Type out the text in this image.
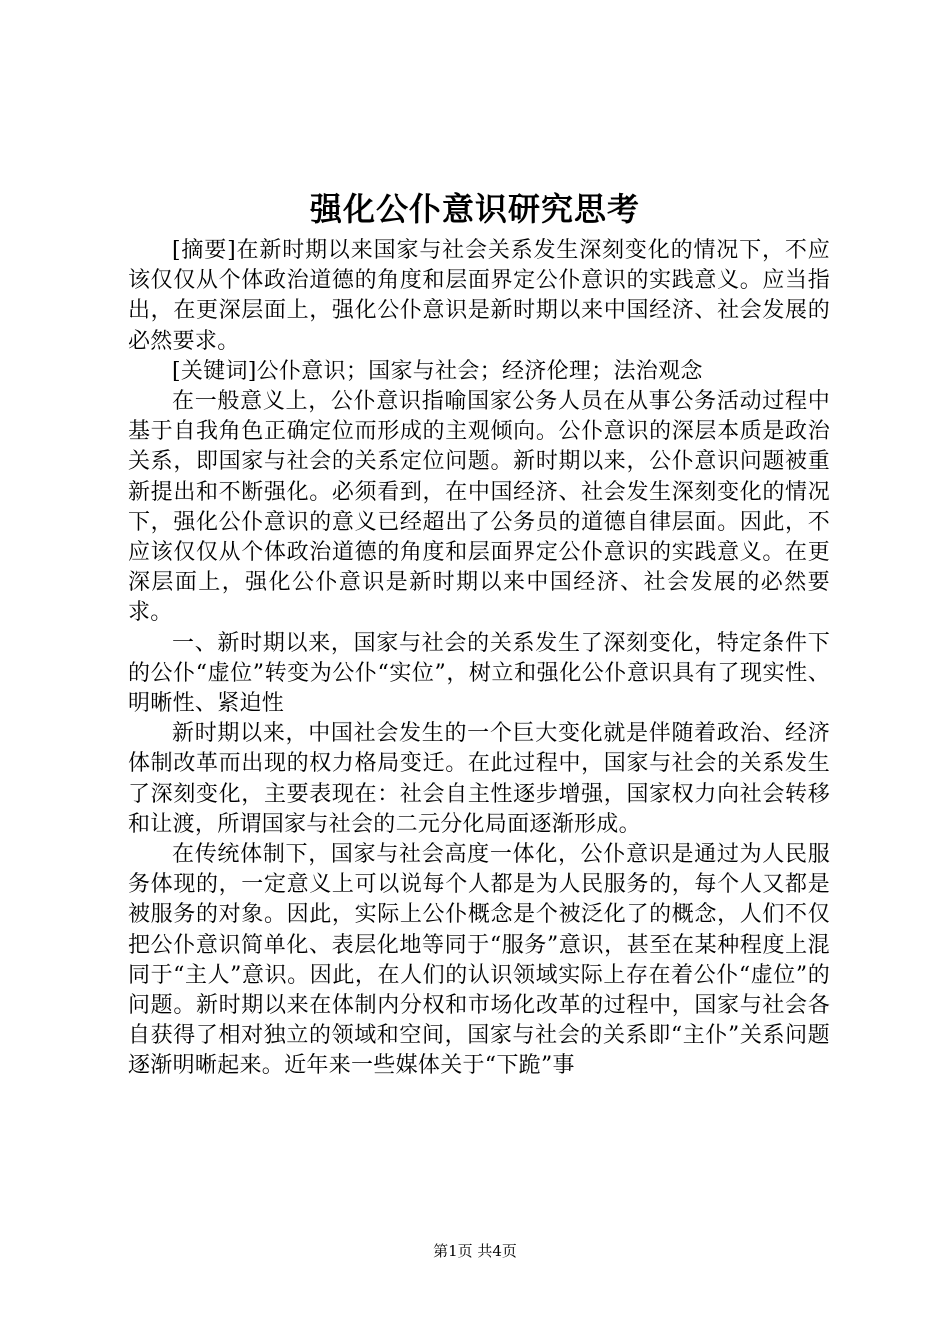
强化公仆意识研究思考

[摘要]在新时期以来国家与社会关系发生深刻变化的情况下，不应该仅仅从个体政治道德的角度和层面界定公仆意识的实践意义。应当指出，在更深层面上，强化公仆意识是新时期以来中国经济、社会发展的必然要求。

[关键词]公仆意识；国家与社会；经济伦理；法治观念

在一般意义上，公仆意识指喻国家公务人员在从事公务活动过程中基于自我角色正确定位而形成的主观倾向。公仆意识的深层本质是政治关系，即国家与社会的关系定位问题。新时期以来，公仆意识问题被重新提出和不断强化。必须看到，在中国经济、社会发生深刻变化的情况下，强化公仆意识的意义已经超出了公务员的道德自律层面。因此，不应该仅仅从个体政治道德的角度和层面界定公仆意识的实践意义。在更深层面上，强化公仆意识是新时期以来中国经济、社会发展的必然要求。

一、新时期以来，国家与社会的关系发生了深刻变化，特定条件下的公仆“虚位”转变为公仆“实位”，树立和强化公仆意识具有了现实性、明晰性、紧迫性

新时期以来，中国社会发生的一个巨大变化就是伴随着政治、经济体制改革而出现的权力格局变迁。在此过程中，国家与社会的关系发生了深刻变化，主要表现在：社会自主性逐步增强，国家权力向社会转移和让渡，所谓国家与社会的二元分化局面逐渐形成。

在传统体制下，国家与社会高度一体化，公仆意识是通过为人民服务体现的，一定意义上可以说每个人都是为人民服务的，每个人又都是被服务的对象。因此，实际上公仆概念是个被泛化了的概念，人们不仅把公仆意识简单化、表层化地等同于“服务”意识，甚至在某种程度上混同于“主人”意识。因此，在人们的认识领域实际上存在着公仆“虚位”的问题。新时期以来在体制内分权和市场化改革的过程中，国家与社会各自获得了相对独立的领域和空间，国家与社会的关系即“主仆”关系问题逐渐明晰起来。近年来一些媒体关于“下跪”事

第1页 共4页
